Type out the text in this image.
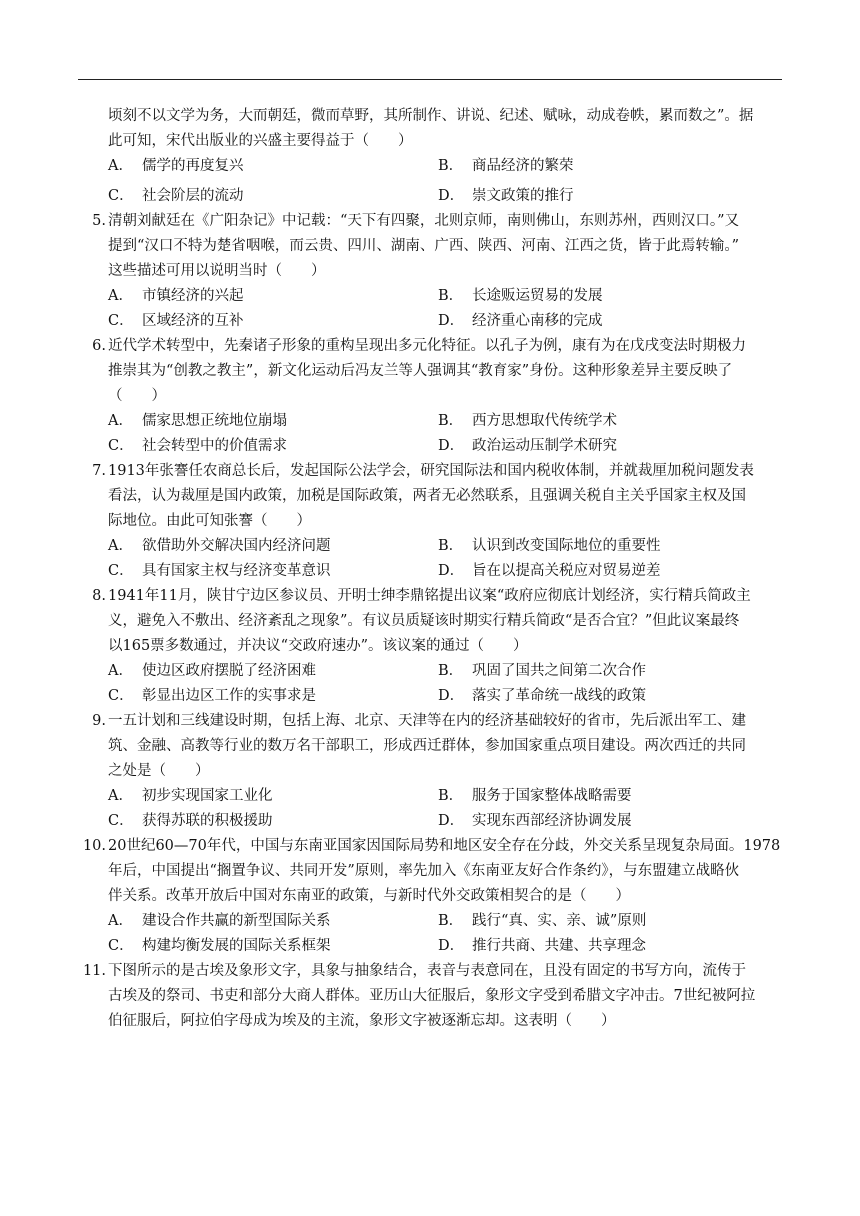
顷刻不以文学为务，大而朝廷，微而草野，其所制作、讲说、纪述、赋咏，动成卷帙，累而数之”。据
此可知，宋代出版业的兴盛主要得益于（　　）
A． 儒学的再度复兴	B． 商品经济的繁荣
C． 社会阶层的流动	D． 崇文政策的推行
5. 清朝刘献廷在《广阳杂记》中记载：“天下有四聚，北则京师，南则佛山，东则苏州，西则汉口。”又
提到“汉口不特为楚省咽喉，而云贵、四川、湖南、广西、陕西、河南、江西之货，皆于此焉转输。”
这些描述可用以说明当时（　　）
A． 市镇经济的兴起	B． 长途贩运贸易的发展
C． 区域经济的互补	D． 经济重心南移的完成
6. 近代学术转型中，先秦诸子形象的重构呈现出多元化特征。以孔子为例，康有为在戊戌变法时期极力
推崇其为“创教之教主”，新文化运动后冯友兰等人强调其“教育家”身份。这种形象差异主要反映了
（　　）
A． 儒家思想正统地位崩塌	B． 西方思想取代传统学术
C． 社会转型中的价值需求	D． 政治运动压制学术研究
7. 1913年张謇任农商总长后，发起国际公法学会，研究国际法和国内税收体制，并就裁厘加税问题发表
看法，认为裁厘是国内政策，加税是国际政策，两者无必然联系，且强调关税自主关乎国家主权及国
际地位。由此可知张謇（　　）
A． 欲借助外交解决国内经济问题	B． 认识到改变国际地位的重要性
C． 具有国家主权与经济变革意识	D． 旨在以提高关税应对贸易逆差
8. 1941年11月，陕甘宁边区参议员、开明士绅李鼎铭提出议案“政府应彻底计划经济，实行精兵简政主
义，避免入不敷出、经济紊乱之现象”。有议员质疑该时期实行精兵简政“是否合宜？”但此议案最终
以165票多数通过，并决议“交政府速办”。该议案的通过（　　）
A． 使边区政府摆脱了经济困难	B． 巩固了国共之间第二次合作
C． 彰显出边区工作的实事求是	D． 落实了革命统一战线的政策
9. 一五计划和三线建设时期，包括上海、北京、天津等在内的经济基础较好的省市，先后派出军工、建
筑、金融、高教等行业的数万名干部职工，形成西迁群体，参加国家重点项目建设。两次西迁的共同
之处是（　　）
A． 初步实现国家工业化	B． 服务于国家整体战略需要
C． 获得苏联的积极援助	D． 实现东西部经济协调发展
10. 20世纪60—70年代，中国与东南亚国家因国际局势和地区安全存在分歧，外交关系呈现复杂局面。1978
年后，中国提出“搁置争议、共同开发”原则，率先加入《东南亚友好合作条约》，与东盟建立战略伙
伴关系。改革开放后中国对东南亚的政策，与新时代外交政策相契合的是（　　）
A． 建设合作共赢的新型国际关系	B． 践行“真、实、亲、诚”原则
C． 构建均衡发展的国际关系框架	D． 推行共商、共建、共享理念
11. 下图所示的是古埃及象形文字，具象与抽象结合，表音与表意同在，且没有固定的书写方向，流传于
古埃及的祭司、书吏和部分大商人群体。亚历山大征服后，象形文字受到希腊文字冲击。7世纪被阿拉
伯征服后，阿拉伯字母成为埃及的主流，象形文字被逐渐忘却。这表明（　　）
